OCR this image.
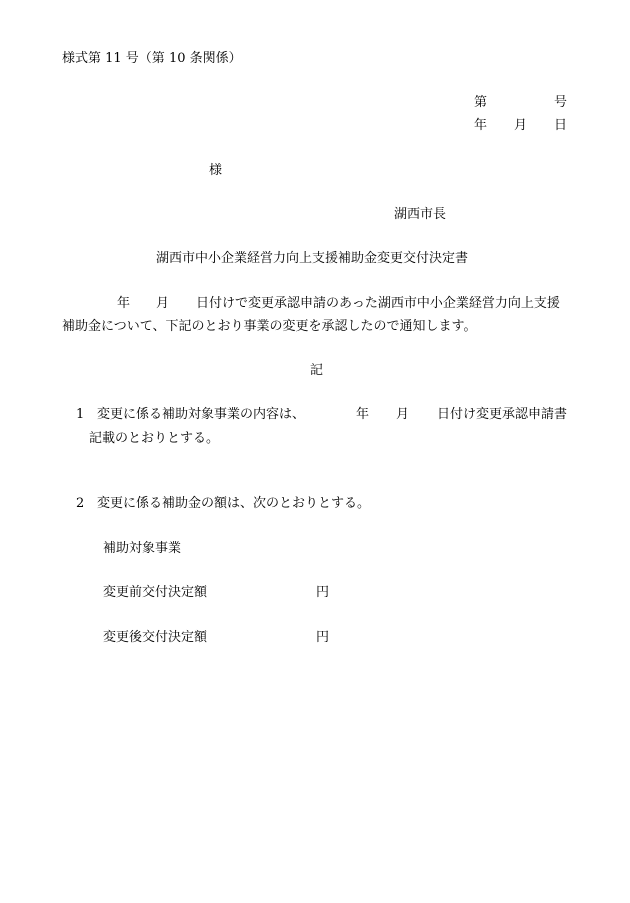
様式第 11 号（第 10 条関係）
第	号
年 月 日
様
湖西市長
湖西市中小企業経営力向上支援補助金変更交付決定書
年 月 日付けで変更承認申請のあった湖西市中小企業経営力向上支援
補助金について、下記のとおり事業の変更を承認したので通知します。
記
1 変更に係る補助対象事業の内容は、	年 月 日付け変更承認申請書
記載のとおりとする。
2 変更に係る補助金の額は、次のとおりとする。
補助対象事業
変更前交付決定額	円
変更後交付決定額	円
